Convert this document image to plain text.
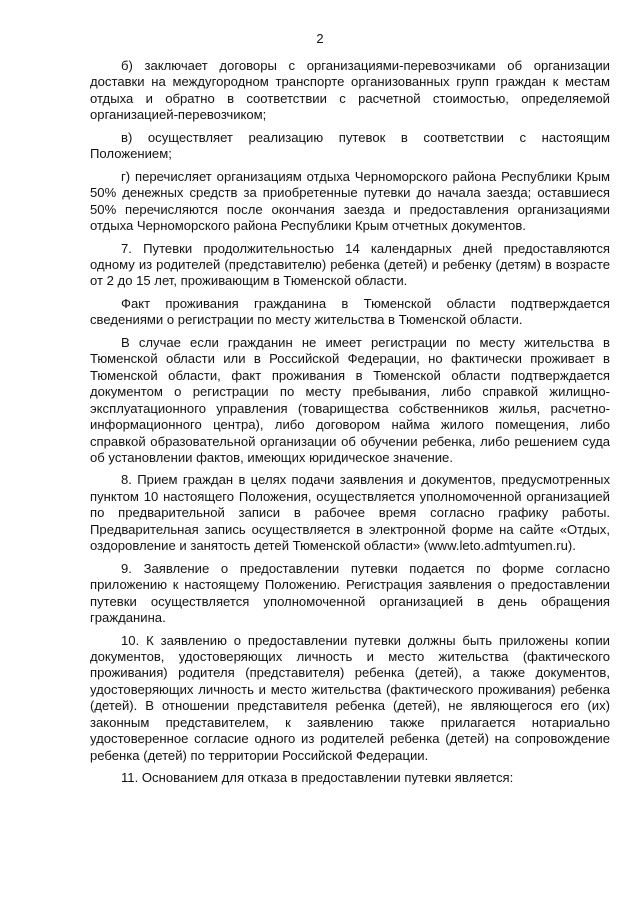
2

б) заключает договоры с организациями-перевозчиками об организации доставки на междугородном транспорте организованных групп граждан к местам отдыха и обратно в соответствии с расчетной стоимостью, определяемой организацией-перевозчиком;

в) осуществляет реализацию путевок в соответствии с настоящим Положением;

г) перечисляет организациям отдыха Черноморского района Республики Крым 50% денежных средств за приобретенные путевки до начала заезда; оставшиеся 50% перечисляются после окончания заезда и предоставления организациями отдыха Черноморского района Республики Крым отчетных документов.

7. Путевки продолжительностью 14 календарных дней предоставляются одному из родителей (представителю) ребенка (детей) и ребенку (детям) в возрасте от 2 до 15 лет, проживающим в Тюменской области.

Факт проживания гражданина в Тюменской области подтверждается сведениями о регистрации по месту жительства в Тюменской области.

В случае если гражданин не имеет регистрации по месту жительства в Тюменской области или в Российской Федерации, но фактически проживает в Тюменской области, факт проживания в Тюменской области подтверждается документом о регистрации по месту пребывания, либо справкой жилищно-эксплуатационного управления (товарищества собственников жилья, расчетно-информационного центра), либо договором найма жилого помещения, либо справкой образовательной организации об обучении ребенка, либо решением суда об установлении фактов, имеющих юридическое значение.

8. Прием граждан в целях подачи заявления и документов, предусмотренных пунктом 10 настоящего Положения, осуществляется уполномоченной организацией по предварительной записи в рабочее время согласно графику работы. Предварительная запись осуществляется в электронной форме на сайте «Отдых, оздоровление и занятость детей Тюменской области» (www.leto.admtyumen.ru).

9. Заявление о предоставлении путевки подается по форме согласно приложению к настоящему Положению. Регистрация заявления о предоставлении путевки осуществляется уполномоченной организацией в день обращения гражданина.

10. К заявлению о предоставлении путевки должны быть приложены копии документов, удостоверяющих личность и место жительства (фактического проживания) родителя (представителя) ребенка (детей), а также документов, удостоверяющих личность и место жительства (фактического проживания) ребенка (детей). В отношении представителя ребенка (детей), не являющегося его (их) законным представителем, к заявлению также прилагается нотариально удостоверенное согласие одного из родителей ребенка (детей) на сопровождение ребенка (детей) по территории Российской Федерации.

11. Основанием для отказа в предоставлении путевки является:
